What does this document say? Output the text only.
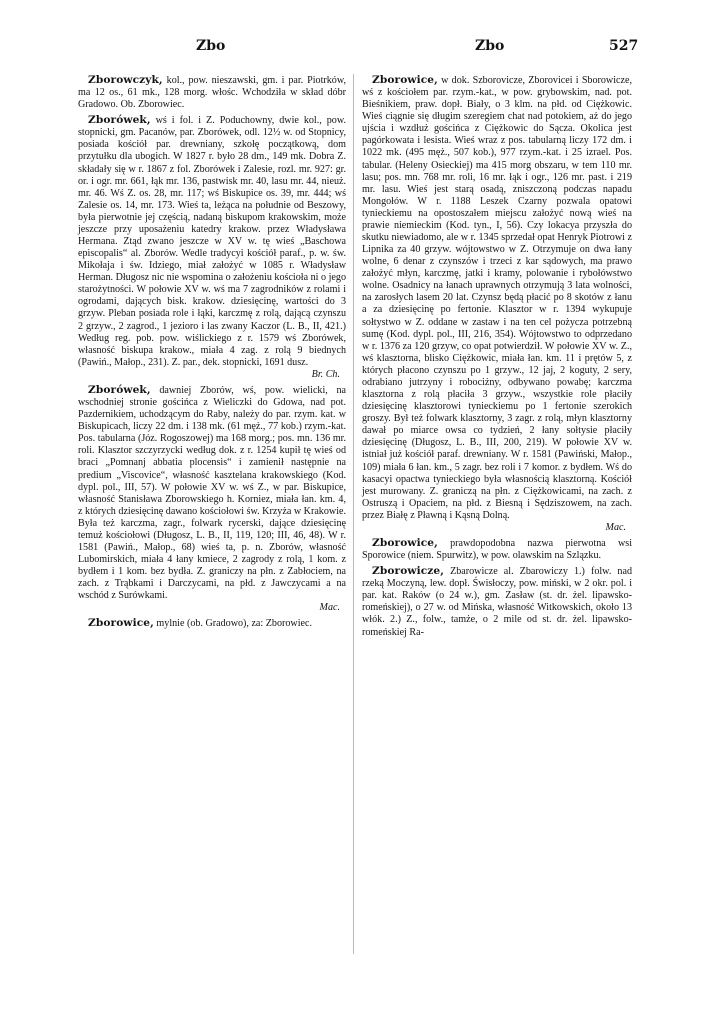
Zbo	Zbo	527

Zborowczyk, kol., pow. nieszawski, gm. i par. Piotrków, ma 12 os., 61 mk., 128 morg. włośc. Wchodziła w skład dóbr Gradowo. Ob. Zborowiec.

Zborówek, wś i fol. i Z. Poduchowny, dwie kol., pow. stopnicki, gm. Pacanów, par. Zborówek, odl. 12½ w. od Stopnicy, posiada kościół par. drewniany, szkołę początkową, dom przytułku dla ubogich. W 1827 r. było 28 dm., 149 mk. Dobra Z. składały się w r. 1867 z fol. Zborówek i Zalesie, rozl. mr. 927: gr. or. i ogr. mr. 661, łąk mr. 136, pastwisk mr. 40, lasu mr. 44, nieuż. mr. 46. Wś Z. os. 28, mr. 117; wś Biskupice os. 39, mr. 444; wś Zalesie os. 14, mr. 173. Wieś ta, leżąca na południe od Beszowy, była pierwotnie jej częścią, nadaną biskupom krakowskim, może jeszcze przy uposażeniu katedry krakow. przez Władysława Hermana. Ztąd zwano jeszcze w XV w. tę wieś „Baschowa episcopalis“ al. Zborów. Wedle tradycyi kościół paraf., p. w. św. Mikołaja i św. Idziego, miał założyć w 1085 r. Władysław Herman. Długosz nic nie wspomina o założeniu kościoła ni o jego starożytności. W połowie XV w. wś ma 7 zagrodników z rolami i ogrodami, dających bisk. krakow. dziesięcinę, wartości do 3 grzyw. Pleban posiada role i łąki, karczmę z rolą, dającą czynszu 2 grzyw., 2 zagrod., 1 jezioro i las zwany Kaczor (L. B., II, 421.) Według reg. pob. pow. wiślickiego z r. 1579 wś Zborówek, własność biskupa krakow., miała 4 zag. z rolą 9 biednych (Pawiń., Małop., 231). Z. par., dek. stopnicki, 1691 dusz.
Br. Ch.

Zborówek, dawniej Zborów, wś, pow. wielicki, na wschodniej stronie gościńca z Wieliczki do Gdowa, nad pot. Pazdernikiem, uchodzącym do Raby, należy do par. rzym. kat. w Biskupicach, liczy 22 dm. i 138 mk. (61 męż., 77 kob.) rzym.-kat. Pos. tabularna (Józ. Rogoszowej) ma 168 morg.; pos. mn. 136 mr. roli. Klasztor szczyrzycki według dok. z r. 1254 kupił tę wieś od braci „Pomnanj abbatia plocensis“ i zamienił następnie na predium „Viscovice“, własność kasztelana krakowskiego (Kod. dypl. pol., III, 57). W połowie XV w. wś Z., w par. Biskupice, własność Stanisława Zborowskiego h. Korniez, miała łan. km. 4, z których dziesięcinę dawano kościołowi św. Krzyża w Krakowie. Była też karczma, zagr., folwark rycerski, dające dziesięcinę temuż kościołowi (Długosz, L. B., II, 119, 120; III, 46, 48). W r. 1581 (Pawiń., Małop., 68) wieś ta, p. n. Zborów, własność Lubomirskich, miała 4 łany kmiece, 2 zagrody z rolą, 1 kom. z bydłem i 1 kom. bez bydła. Z. graniczy na płn. z Zabłociem, na zach. z Trąbkami i Darczycami, na płd. z Jawczycami a na wschód z Surówkami.
Mac.

Zborowice, mylnie (ob. Gradowo), za: Zborowiec.

Zborowice, w dok. Szborovicze, Zborovicei i Sborowicze, wś z kościołem par. rzym.-kat., w pow. grybowskim, nad. pot. Bieśnikiem, praw. dopł. Biały, o 3 klm. na płd. od Ciężkowic. Wieś ciągnie się długim szeregiem chat nad potokiem, aż do jego ujścia i wzdłuż gościńca z Ciężkowic do Sącza. Okolica jest pagórkowata i lesista. Wieś wraz z pos. tabularną liczy 172 dm. i 1022 mk. (495 męż., 507 kob.), 977 rzym.-kat. i 25 izrael. Pos. tabular. (Heleny Osieckiej) ma 415 morg obszaru, w tem 110 mr. lasu; pos. mn. 768 mr. roli, 16 mr. łąk i ogr., 126 mr. past. i 219 mr. lasu. Wieś jest starą osadą, zniszczoną podczas napadu Mongołów. W r. 1188 Leszek Czarny pozwala opatowi tynieckiemu na opostoszałem miejscu założyć nową wieś na prawie niemieckim (Kod. tyn., I, 56). Czy lokacya przyszła do skutku niewiadomo, ale w r. 1345 sprzedał opat Henryk Piotrowi z Lipnika za 40 grzyw. wójtowstwo w Z. Otrzymuje on dwa łany wolne, 6 denar z czynszów i trzeci z kar sądowych, ma prawo założyć młyn, karczmę, jatki i kramy, polowanie i rybołówstwo wolne. Osadnicy na łanach uprawnych otrzymują 3 lata wolności, na zarosłych lasem 20 lat. Czynsz będą płacić po 8 skotów z łanu a za dziesięcinę po fertonie. Klasztor w r. 1394 wykupuje sołtystwo w Z. oddane w zastaw i na ten cel pożycza potrzebną sumę (Kod. dypl. pol., III, 216, 354). Wójtowstwo to odprzedano w r. 1376 za 120 grzyw, co opat potwierdził. W połowie XV w. Z., wś klasztorna, blisko Ciężkowic, miała łan. km. 11 i prętów 5, z których płacono czynszu po 1 grzyw., 12 jaj, 2 koguty, 2 sery, odrabiano jutrzyny i robociżny, odbywano powabę; karczma klasztorna z rolą płaciła 3 grzyw., wszystkie role płaciły dziesięcinę klasztorowi tynieckiemu po 1 fertonie szerokich groszy. Był też folwark klasztorny, 3 zagr. z rolą, młyn klasztorny dawał po miarce owsa co tydzień, 2 łany sołtysie płaciły dziesięcinę (Długosz, L. B., III, 200, 219). W połowie XV w. istniał już kościół paraf. drewniany. W r. 1581 (Pawiński, Małop., 109) miała 6 łan. km., 5 zagr. bez roli i 7 komor. z bydłem. Wś do kasacyi opactwa tynieckiego była własnością klasztorną. Kościół jest murowany. Z. graniczą na płn. z Ciężkowicami, na zach. z Ostruszą i Opaciem, na płd. z Biesną i Sędziszowem, na zach. przez Białę z Pławną i Kąsną Dolną.
Mac.

Zborowice, prawdopodobna nazwa pierwotna wsi Sporowice (niem. Spurwitz), w pow. olawskim na Szlązku.

Zborowicze, Zbarowicze al. Zbarowiczy 1.) folw. nad rzeką Moczyną, lew. dopł. Świsłoczy, pow. miński, w 2 okr. pol. i par. kat. Raków (o 24 w.), gm. Zasław (st. dr. żel. lipawsko-romeńskiej), o 27 w. od Mińska, własność Witkowskich, około 13 włók. 2.) Z., folw., tamże, o 2 mile od st. dr. żel. lipawsko-romeńskiej Ra-
